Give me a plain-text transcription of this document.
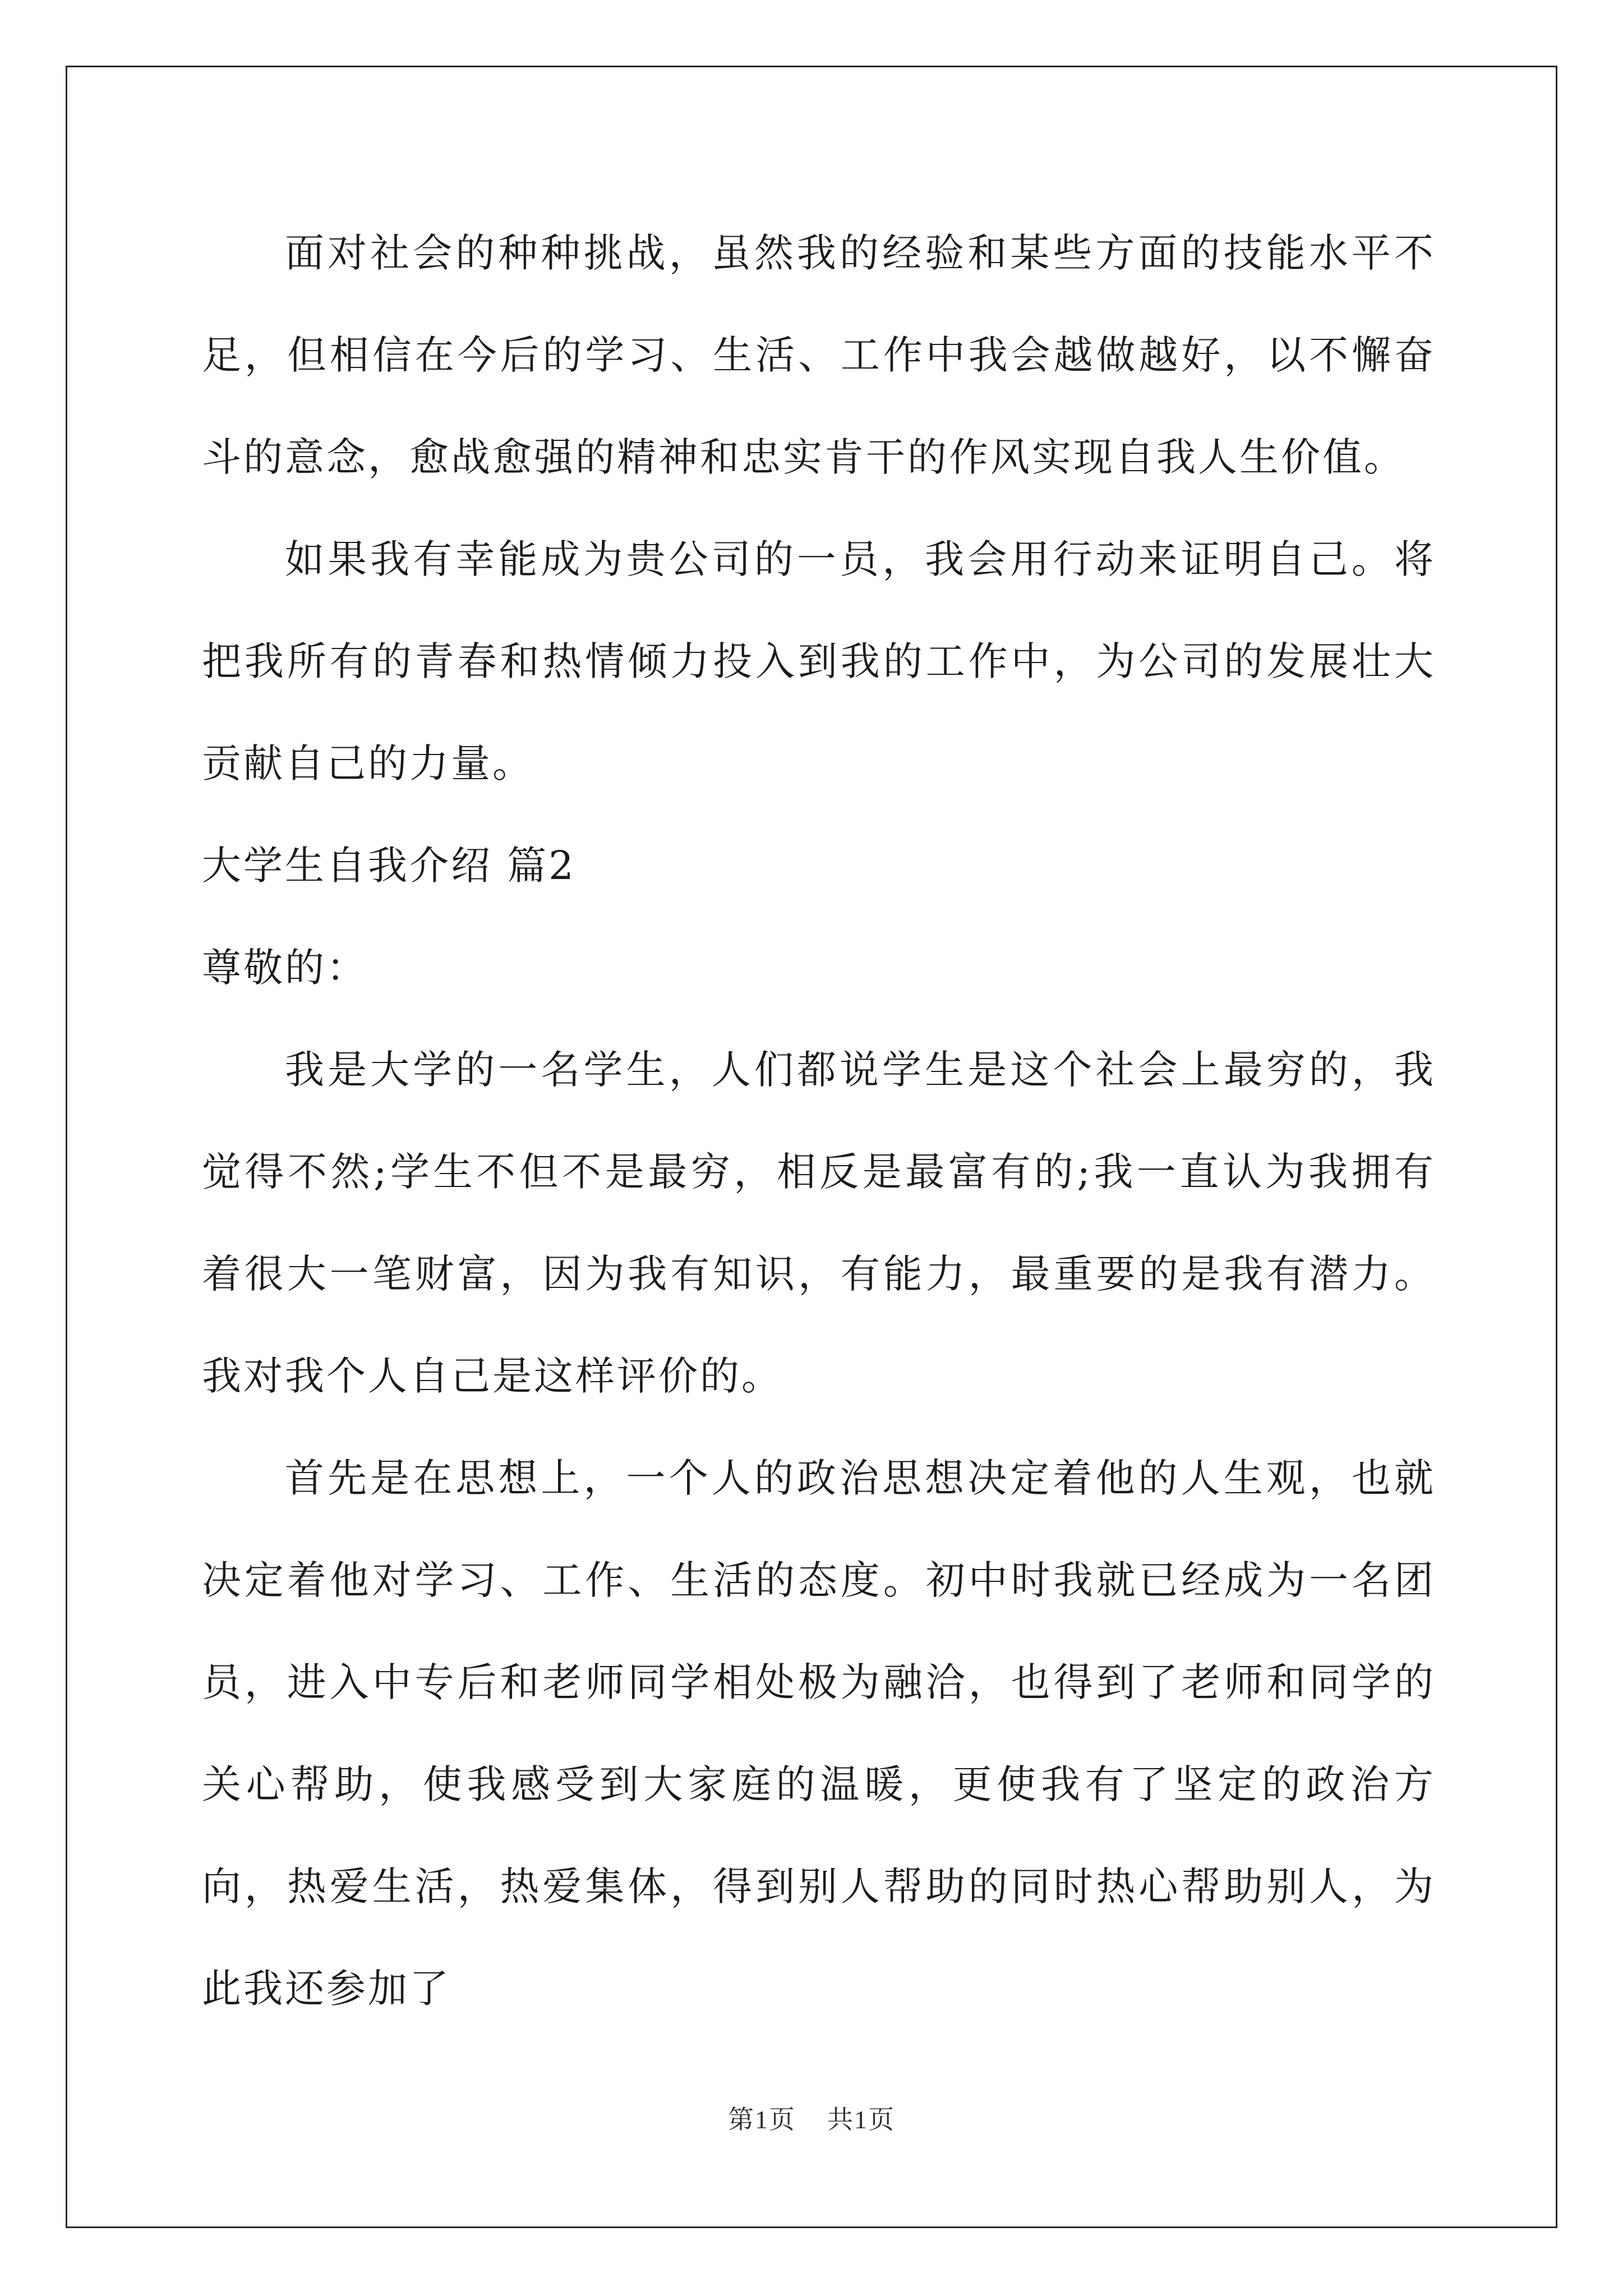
面对社会的种种挑战，虽然我的经验和某些方面的技能水平不足，但相信在今后的学习、生活、工作中我会越做越好，以不懈奋斗的意念，愈战愈强的精神和忠实肯干的作风实现自我人生价值。

如果我有幸能成为贵公司的一员，我会用行动来证明自己。将把我所有的青春和热情倾力投入到我的工作中，为公司的发展壮大贡献自己的力量。

大学生自我介绍 篇2

尊敬的：

我是大学的一名学生，人们都说学生是这个社会上最穷的，我觉得不然;学生不但不是最穷，相反是最富有的;我一直认为我拥有着很大一笔财富，因为我有知识，有能力，最重要的是我有潜力。我对我个人自己是这样评价的。

首先是在思想上，一个人的政治思想决定着他的人生观，也就决定着他对学习、工作、生活的态度。初中时我就已经成为一名团员，进入中专后和老师同学相处极为融洽，也得到了老师和同学的关心帮助，使我感受到大家庭的温暖，更使我有了坚定的政治方向，热爱生活，热爱集体，得到别人帮助的同时热心帮助别人，为此我还参加了

第1页 共1页
